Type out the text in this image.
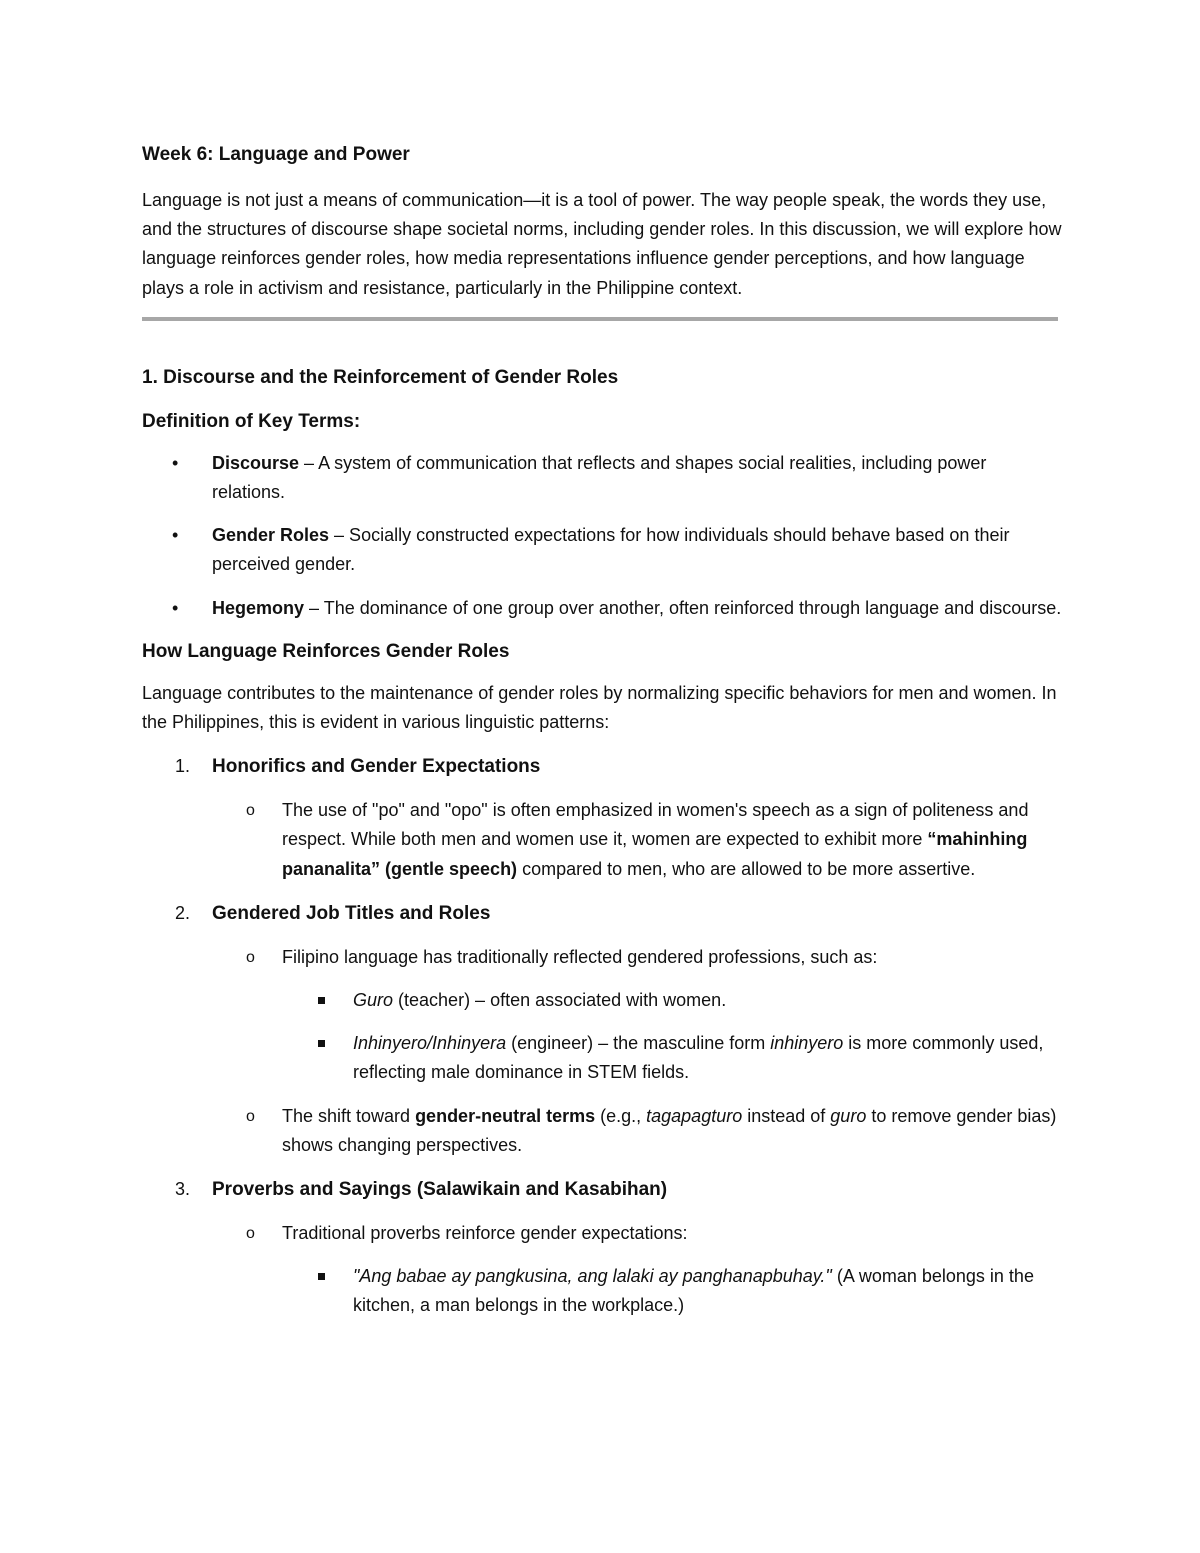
Week 6: Language and Power

Language is not just a means of communication—it is a tool of power. The way people speak, the words they use, and the structures of discourse shape societal norms, including gender roles. In this discussion, we will explore how language reinforces gender roles, how media representations influence gender perceptions, and how language plays a role in activism and resistance, particularly in the Philippine context.

1. Discourse and the Reinforcement of Gender Roles
Definition of Key Terms:
• Discourse – A system of communication that reflects and shapes social realities, including power relations.
• Gender Roles – Socially constructed expectations for how individuals should behave based on their perceived gender.
• Hegemony – The dominance of one group over another, often reinforced through language and discourse.
How Language Reinforces Gender Roles

Language contributes to the maintenance of gender roles by normalizing specific behaviors for men and women. In the Philippines, this is evident in various linguistic patterns:

1. Honorifics and Gender Expectations
o The use of "po" and "opo" is often emphasized in women's speech as a sign of politeness and respect. While both men and women use it, women are expected to exhibit more “mahinhing pananalita” (gentle speech) compared to men, who are allowed to be more assertive.
2. Gendered Job Titles and Roles
o Filipino language has traditionally reflected gendered professions, such as:
Guro (teacher) – often associated with women.
Inhinyero/Inhinyera (engineer) – the masculine form inhinyero is more commonly used, reflecting male dominance in STEM fields.
o The shift toward gender-neutral terms (e.g., tagapagturo instead of guro to remove gender bias) shows changing perspectives.
3. Proverbs and Sayings (Salawikain and Kasabihan)
o Traditional proverbs reinforce gender expectations:
"Ang babae ay pangkusina, ang lalaki ay panghanapbuhay." (A woman belongs in the kitchen, a man belongs in the workplace.)
